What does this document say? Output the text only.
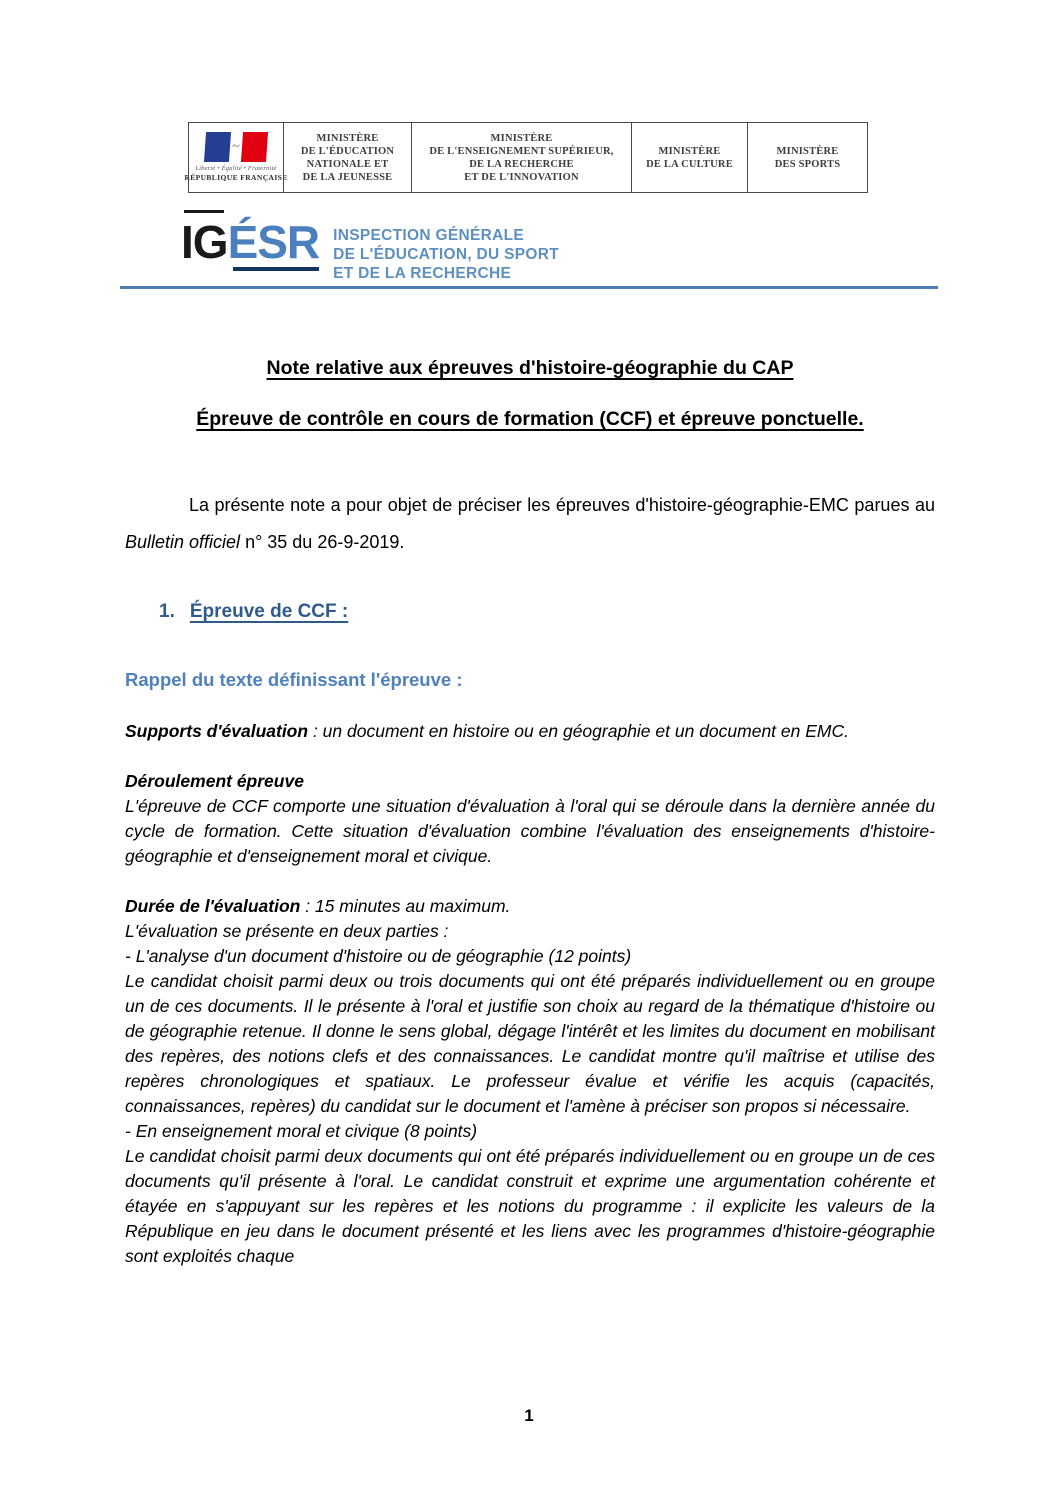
~
Liberté • Égalité • Fraternité
RÉPUBLIQUE FRANÇAISE
MINISTÈRE
DE L'ÉDUCATION
NATIONALE ET
DE LA JEUNESSE
MINISTÈRE
DE L'ENSEIGNEMENT SUPÉRIEUR,
DE LA RECHERCHE
ET DE L'INNOVATION
MINISTÈRE
DE LA CULTURE
MINISTÈRE
DES SPORTS
IGÉSR INSPECTION GÉNÉRALE
DE L'ÉDUCATION, DU SPORT
ET DE LA RECHERCHE
Note relative aux épreuves d'histoire-géographie du CAP
Épreuve de contrôle en cours de formation (CCF) et épreuve ponctuelle.

La présente note a pour objet de préciser les épreuves d'histoire-géographie-EMC parues au Bulletin officiel n° 35 du 26-9-2019.

1. Épreuve de CCF :
Rappel du texte définissant l'épreuve :

Supports d'évaluation : un document en histoire ou en géographie et un document en EMC.

Déroulement épreuve

L'épreuve de CCF comporte une situation d'évaluation à l'oral qui se déroule dans la dernière année du cycle de formation. Cette situation d'évaluation combine l'évaluation des enseignements d'histoire-géographie et d'enseignement moral et civique.

Durée de l'évaluation : 15 minutes au maximum.

L'évaluation se présente en deux parties :

- L'analyse d'un document d'histoire ou de géographie (12 points)

Le candidat choisit parmi deux ou trois documents qui ont été préparés individuellement ou en groupe un de ces documents. Il le présente à l'oral et justifie son choix au regard de la thématique d'histoire ou de géographie retenue. Il donne le sens global, dégage l'intérêt et les limites du document en mobilisant des repères, des notions clefs et des connaissances. Le candidat montre qu'il maîtrise et utilise des repères chronologiques et spatiaux. Le professeur évalue et vérifie les acquis (capacités, connaissances, repères) du candidat sur le document et l'amène à préciser son propos si nécessaire.

- En enseignement moral et civique (8 points)

Le candidat choisit parmi deux documents qui ont été préparés individuellement ou en groupe un de ces documents qu'il présente à l'oral. Le candidat construit et exprime une argumentation cohérente et étayée en s'appuyant sur les repères et les notions du programme : il explicite les valeurs de la République en jeu dans le document présenté et les liens avec les programmes d'histoire-géographie sont exploités chaque

1
